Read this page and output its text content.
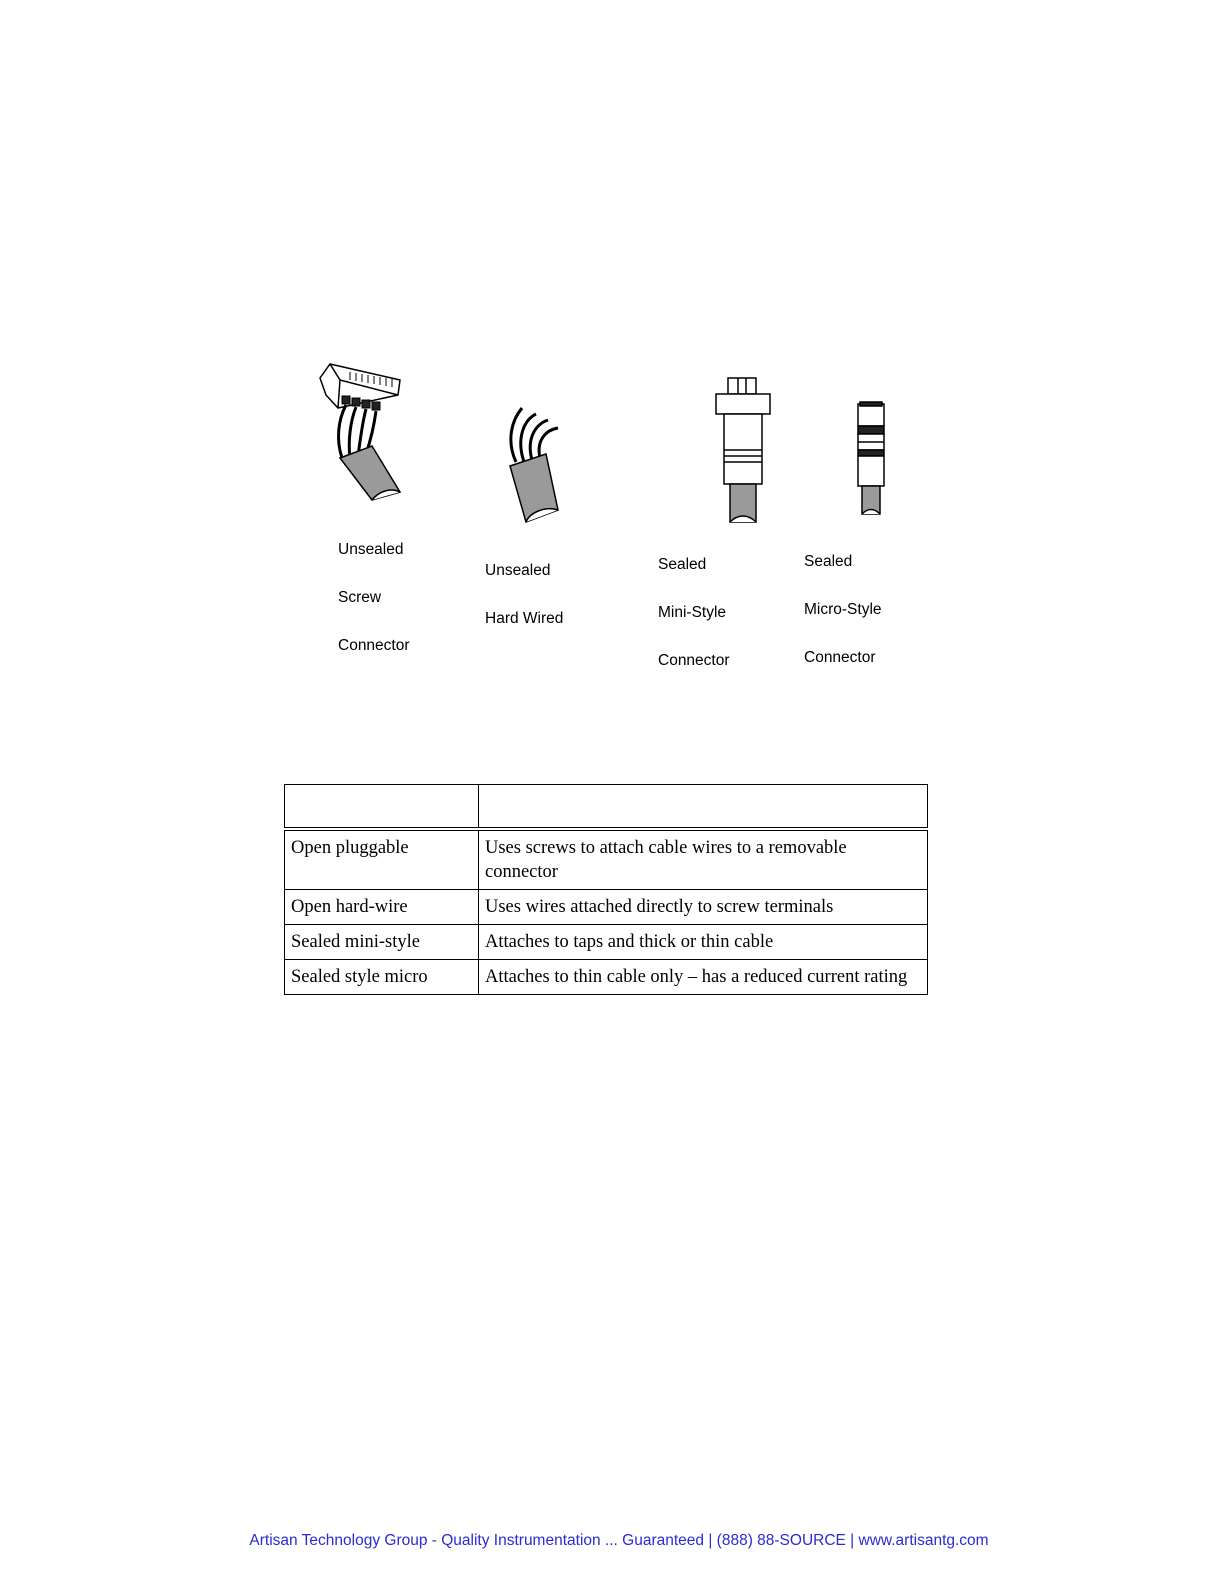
Unsealed

Screw

Connector

Unsealed

Hard Wired

Sealed

Mini-Style

Connector

Sealed

Micro-Style

Connector

Open pluggable	Uses screws to attach cable wires to a removable connector
Open hard-wire	Uses wires attached directly to screw terminals
Sealed mini-style	Attaches to taps and thick or thin cable
Sealed style micro	Attaches to thin cable only – has a reduced current rating
Artisan Technology Group - Quality Instrumentation ... Guaranteed | (888) 88-SOURCE | www.artisantg.com
